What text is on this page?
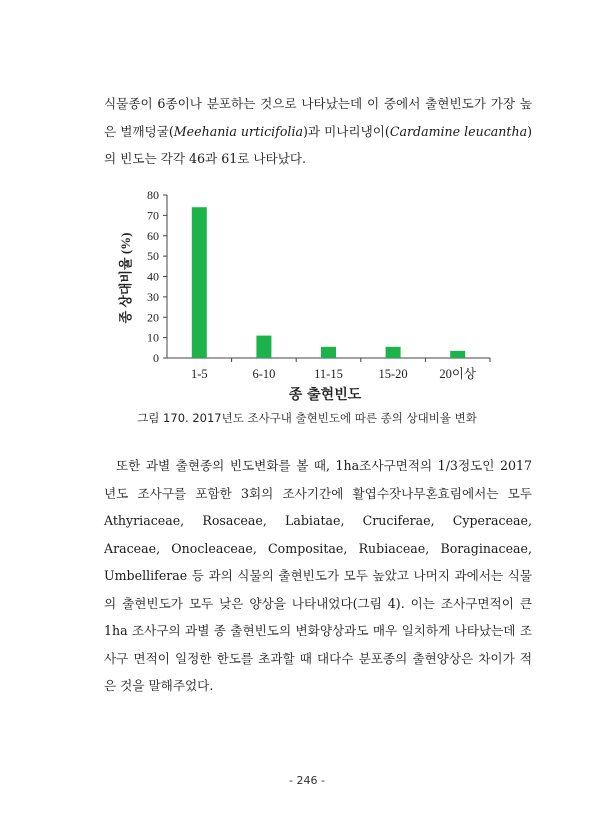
식물종이 6종이나 분포하는 것으로 나타났는데 이 중에서 출현빈도가 가장 높은 벌깨덩굴(Meehania urticifolia)과 미나리냉이(Cardamine leucantha)의 빈도는 각각 46과 61로 나타났다.

0
10
20
30
40
50
60
70
80
1-5	6-10	11-15	15-20	20이상
종 상대비율 (%)
종 출현빈도
그림 170. 2017년도 조사구내 출현빈도에 따른 종의 상대비율 변화

또한 과별 출현종의 빈도변화를 볼 때, 1ha조사구면적의 1/3정도인 2017년도 조사구를 포함한 3회의 조사기간에 활엽수잣나무혼효림에서는 모두 Athyriaceae, Rosaceae, Labiatae, Cruciferae, Cyperaceae, Araceae, Onocleaceae, Compositae, Rubiaceae, Boraginaceae, Umbelliferae 등 과의 식물의 출현빈도가 모두 높았고 나머지 과에서는 식물의 출현빈도가 모두 낮은 양상을 나타내었다(그림 4). 이는 조사구면적이 큰 1ha 조사구의 과별 종 출현빈도의 변화양상과도 매우 일치하게 나타났는데 조사구 면적이 일정한 한도를 초과할 때 대다수 분포종의 출현양상은 차이가 적은 것을 말해주었다.

- 246 -
